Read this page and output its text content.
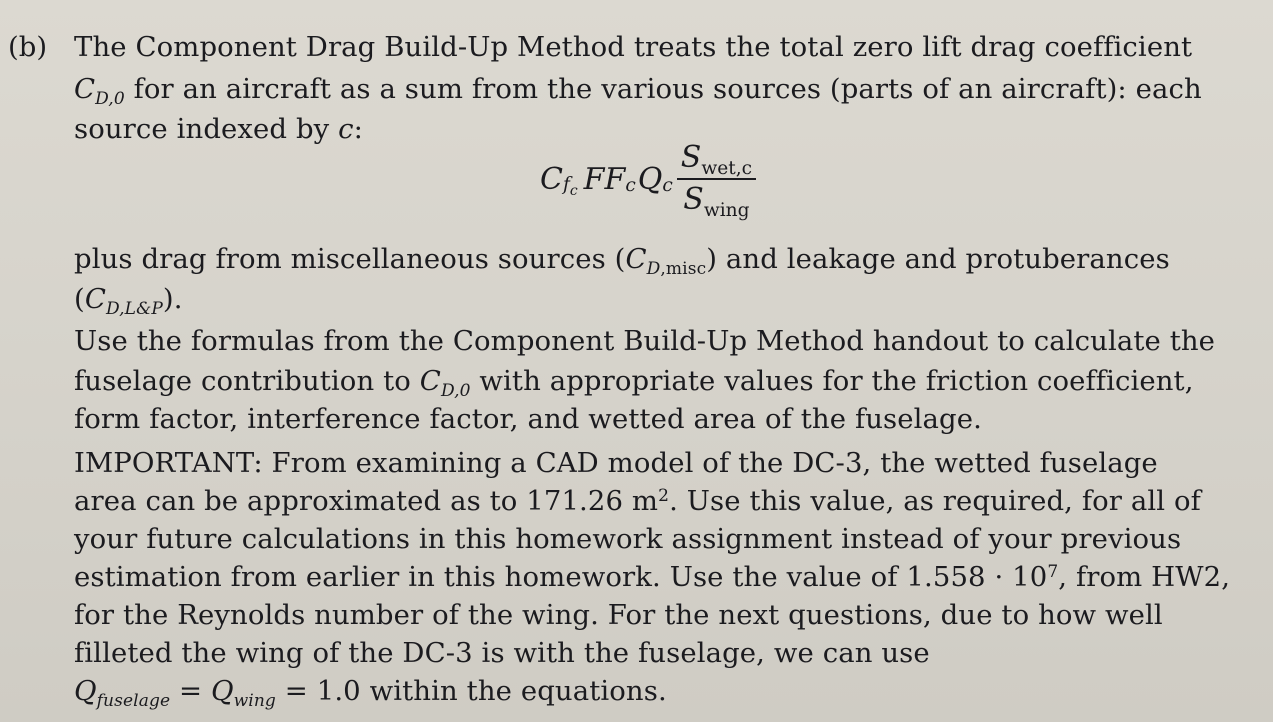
(b) The Component Drag Build-Up Method treats the total zero lift drag coefficient
$C_{D,0}$ for an aircraft as a sum from the various sources (parts of an aircraft): each
source indexed by c:
C $_{f_c}$ $FF_c$ $Q_c \frac{S_{wet,c}}{S_{wing}}$
plus drag from miscellaneous sources $(C_{D,misc})$ and leakage and protuberances
$(C_{D,L\&P})$.
Use the formulas from the Component Build-Up Method handout to calculate the
fuselage contribution to $C_{D,0}$ with appropriate values for the friction coefficient,
form factor, interference factor, and wetted area of the fuselage.
IMPORTANT: From examining a CAD model of the DC-3, the wetted fuselage
area can be approximated as to 171.26 $m^2$. Use this value, as required, for all of
your future calculations in this homework assignment instead of your previous
estimation from earlier in this homework. Use the value of $1.558 \cdot 10^7$, from HW2,
for the Reynolds number of the wing. For the next questions, due to how well
filleted the wing of the DC-3 is with the fuselage, we can use
$Q_{fuselage} = Q_{wing} = 1.0$ within the equations.
